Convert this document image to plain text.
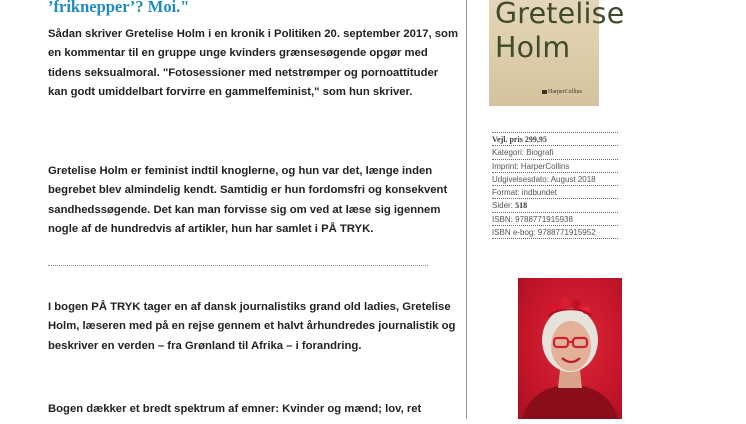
’friknepper’? Moi."

Sådan skriver Gretelise Holm i en kronik i Politiken 20. september 2017, som en kommentar til en gruppe unge kvinders grænsesøgende opgør med tidens seksualmoral. "Fotosessioner med netstrømper og pornoattituder kan godt umiddelbart forvirre en gammelfeminist," som hun skriver.

Gretelise Holm er feminist indtil knoglerne, og hun var det, længe inden begrebet blev almindelig kendt. Samtidig er hun fordomsfri og konsekvent sandhedssøgende. Det kan man forvisse sig om ved at læse sig igennem nogle af de hundredvis af artikler, hun har samlet i PÅ TRYK.

I bogen PÅ TRYK tager en af dansk journalistiks grand old ladies, Gretelise Holm, læseren med på en rejse gennem et halvt århundredes journalistik og beskriver en verden – fra Grønland til Afrika – i forandring.

Bogen dækker et bredt spektrum af emner: Kvinder og mænd; lov, ret

Gretelise
Holm
HarperCollins
Vejl. pris 299,95
Kategori: Biografi
Imprint: HarperCollins
Udgivelsesdato: August 2018
Format: indbundet
Sider: 518
ISBN: 9788771915938
ISBN e-bog: 9788771915952
